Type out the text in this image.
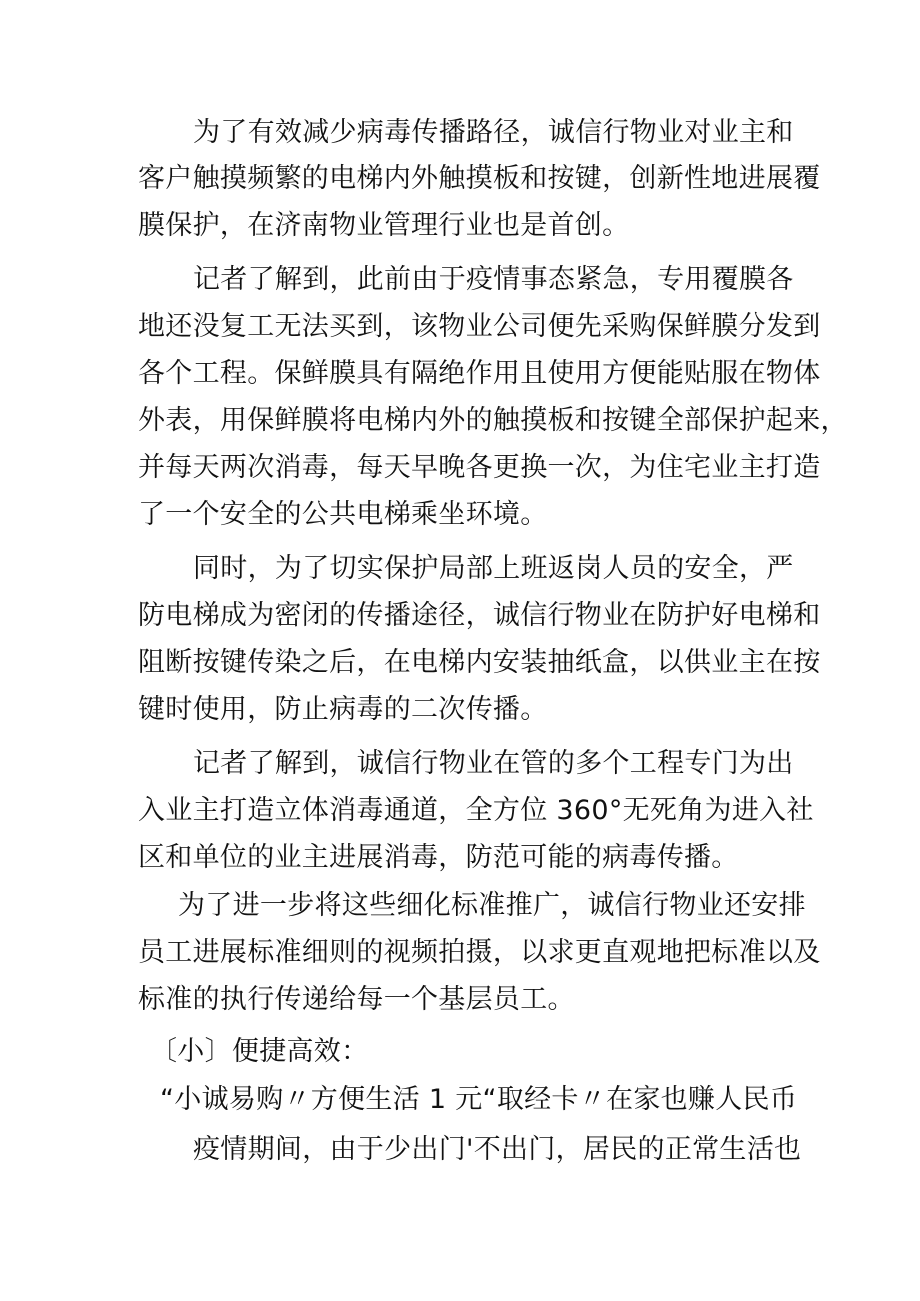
为了有效减少病毒传播路径，诚信行物业对业主和
客户触摸频繁的电梯内外触摸板和按键，创新性地进展覆
膜保护，在济南物业管理行业也是首创。
记者了解到，此前由于疫情事态紧急，专用覆膜各
地还没复工无法买到，该物业公司便先采购保鲜膜分发到
各个工程。保鲜膜具有隔绝作用且使用方便能贴服在物体
外表，用保鲜膜将电梯内外的触摸板和按键全部保护起来，
并每天两次消毒，每天早晚各更换一次，为住宅业主打造
了一个安全的公共电梯乘坐环境。
同时，为了切实保护局部上班返岗人员的安全，严
防电梯成为密闭的传播途径，诚信行物业在防护好电梯和
阻断按键传染之后，在电梯内安装抽纸盒，以供业主在按
键时使用，防止病毒的二次传播。
记者了解到，诚信行物业在管的多个工程专门为出
入业主打造立体消毒通道，全方位 360°无死角为进入社
区和单位的业主进展消毒，防范可能的病毒传播。
为了进一步将这些细化标准推广，诚信行物业还安排
员工进展标准细则的视频拍摄，以求更直观地把标准以及
标准的执行传递给每一个基层员工。
〔小〕便捷高效：
“小诚易购〃方便生活 1 元“取经卡〃在家也赚人民币
疫情期间，由于少出门'不出门，居民的正常生活也
